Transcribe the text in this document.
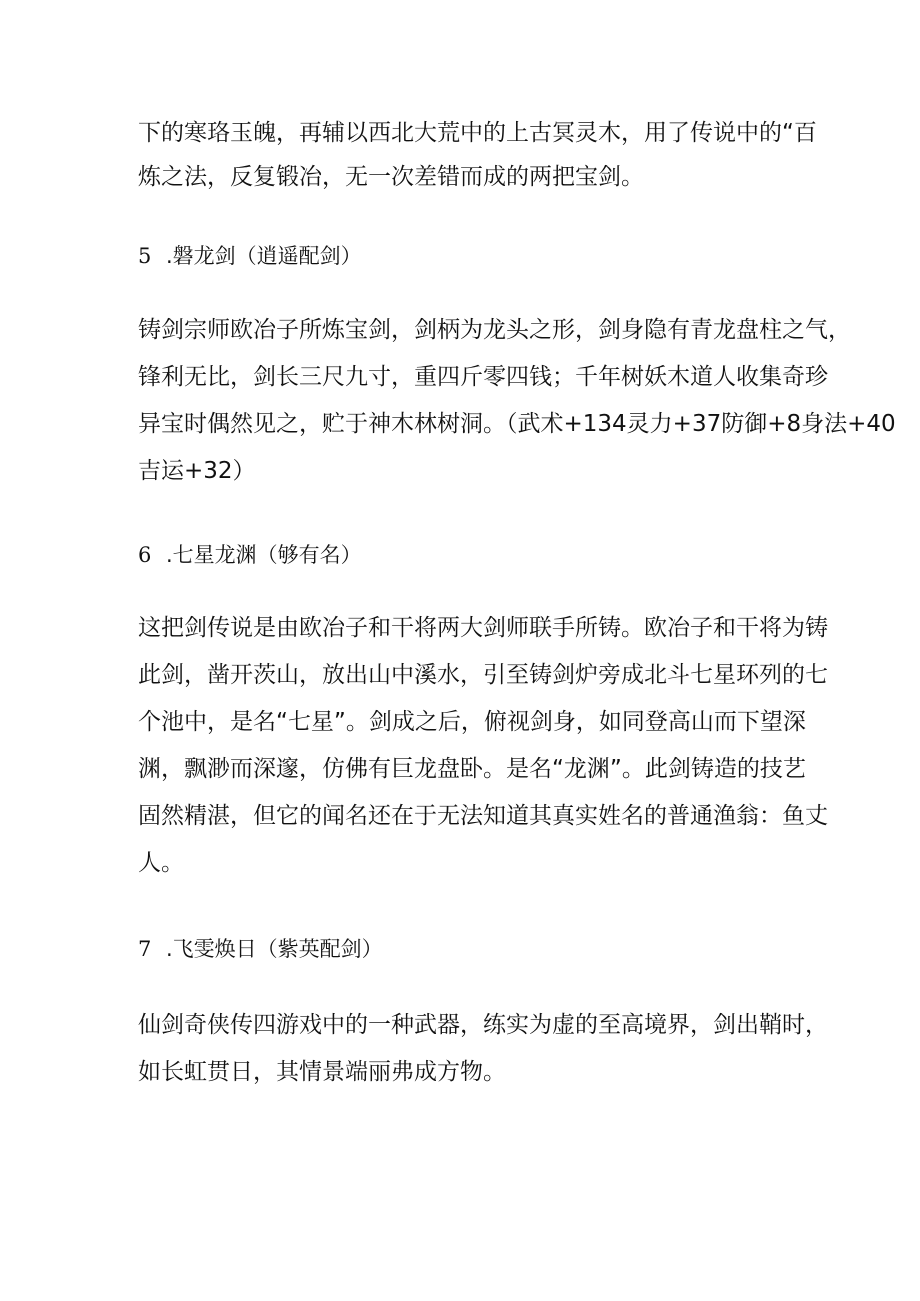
下的寒珞玉魄，再辅以西北大荒中的上古冥灵木，用了传说中的“百
炼之法，反复锻冶，无一次差错而成的两把宝剑。
5 .磐龙剑（逍遥配剑）
铸剑宗师欧冶子所炼宝剑，剑柄为龙头之形，剑身隐有青龙盘柱之气，
锋利无比，剑长三尺九寸，重四斤零四钱；千年树妖木道人收集奇珍
异宝时偶然见之，贮于神木林树洞。（武术+134灵力+37防御+8身法+40
吉运+32）
6 .七星龙渊（够有名）
这把剑传说是由欧冶子和干将两大剑师联手所铸。欧冶子和干将为铸
此剑，凿开茨山，放出山中溪水，引至铸剑炉旁成北斗七星环列的七
个池中，是名“七星”。剑成之后，俯视剑身，如同登高山而下望深
渊，飘渺而深邃，仿佛有巨龙盘卧。是名“龙渊”。此剑铸造的技艺
固然精湛，但它的闻名还在于无法知道其真实姓名的普通渔翁：鱼丈
人。
7 .飞雯焕日（紫英配剑）
仙剑奇侠传四游戏中的一种武器，练实为虚的至高境界，剑出鞘时，
如长虹贯日，其情景端丽弗成方物。
